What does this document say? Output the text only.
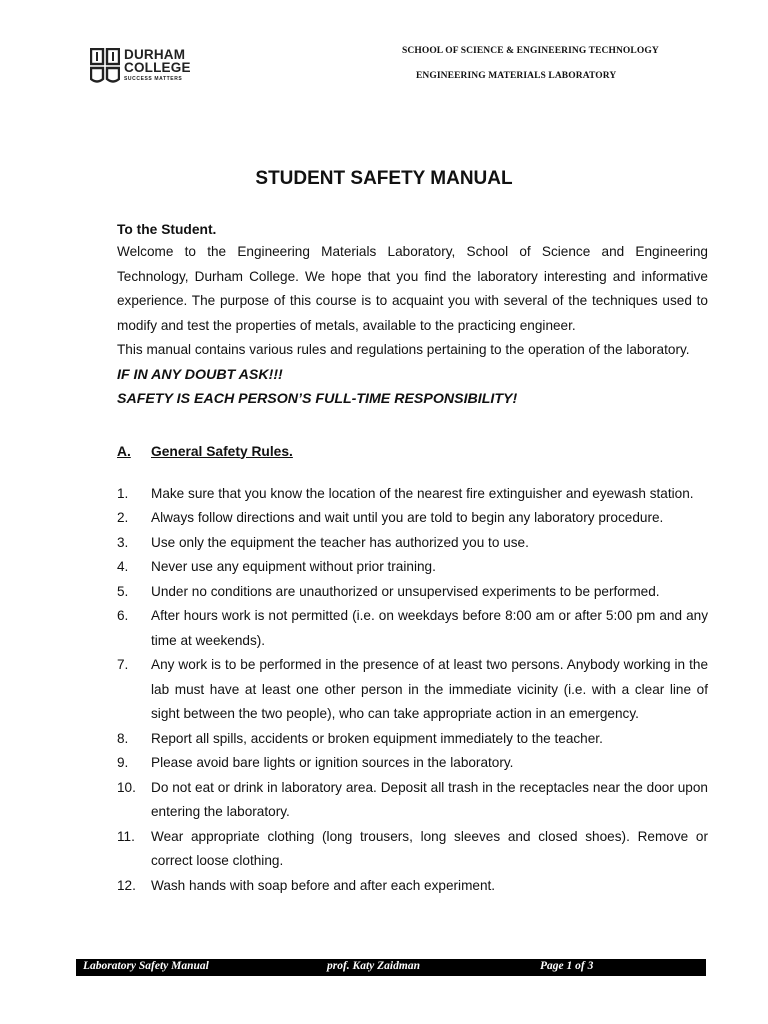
DURHAM
COLLEGE
SUCCESS MATTERS
SCHOOL OF SCIENCE & ENGINEERING TECHNOLOGY
ENGINEERING MATERIALS LABORATORY
STUDENT SAFETY MANUAL
To the Student.

Welcome to the Engineering Materials Laboratory, School of Science and Engineering Technology, Durham College. We hope that you find the laboratory interesting and informative experience. The purpose of this course is to acquaint you with several of the techniques used to modify and test the properties of metals, available to the practicing engineer.

This manual contains various rules and regulations pertaining to the operation of the laboratory.

IF IN ANY DOUBT ASK!!!

SAFETY IS EACH PERSON’S FULL-TIME RESPONSIBILITY!

A.	General Safety Rules.
1.	Make sure that you know the location of the nearest fire extinguisher and eyewash station.
2.	Always follow directions and wait until you are told to begin any laboratory procedure.
3.	Use only the equipment the teacher has authorized you to use.
4.	Never use any equipment without prior training.
5.	Under no conditions are unauthorized or unsupervised experiments to be performed.
6.	After hours work is not permitted (i.e. on weekdays before 8:00 am or after 5:00 pm and any time at weekends).
7.	Any work is to be performed in the presence of at least two persons. Anybody working in the lab must have at least one other person in the immediate vicinity (i.e. with a clear line of sight between the two people), who can take appropriate action in an emergency.
8.	Report all spills, accidents or broken equipment immediately to the teacher.
9.	Please avoid bare lights or ignition sources in the laboratory.
10.	Do not eat or drink in laboratory area. Deposit all trash in the receptacles near the door upon entering the laboratory.
11.	Wear appropriate clothing (long trousers, long sleeves and closed shoes). Remove or correct loose clothing.
12.	Wash hands with soap before and after each experiment.
Laboratory Safety Manual	prof. Katy Zaidman	Page 1 of 3
